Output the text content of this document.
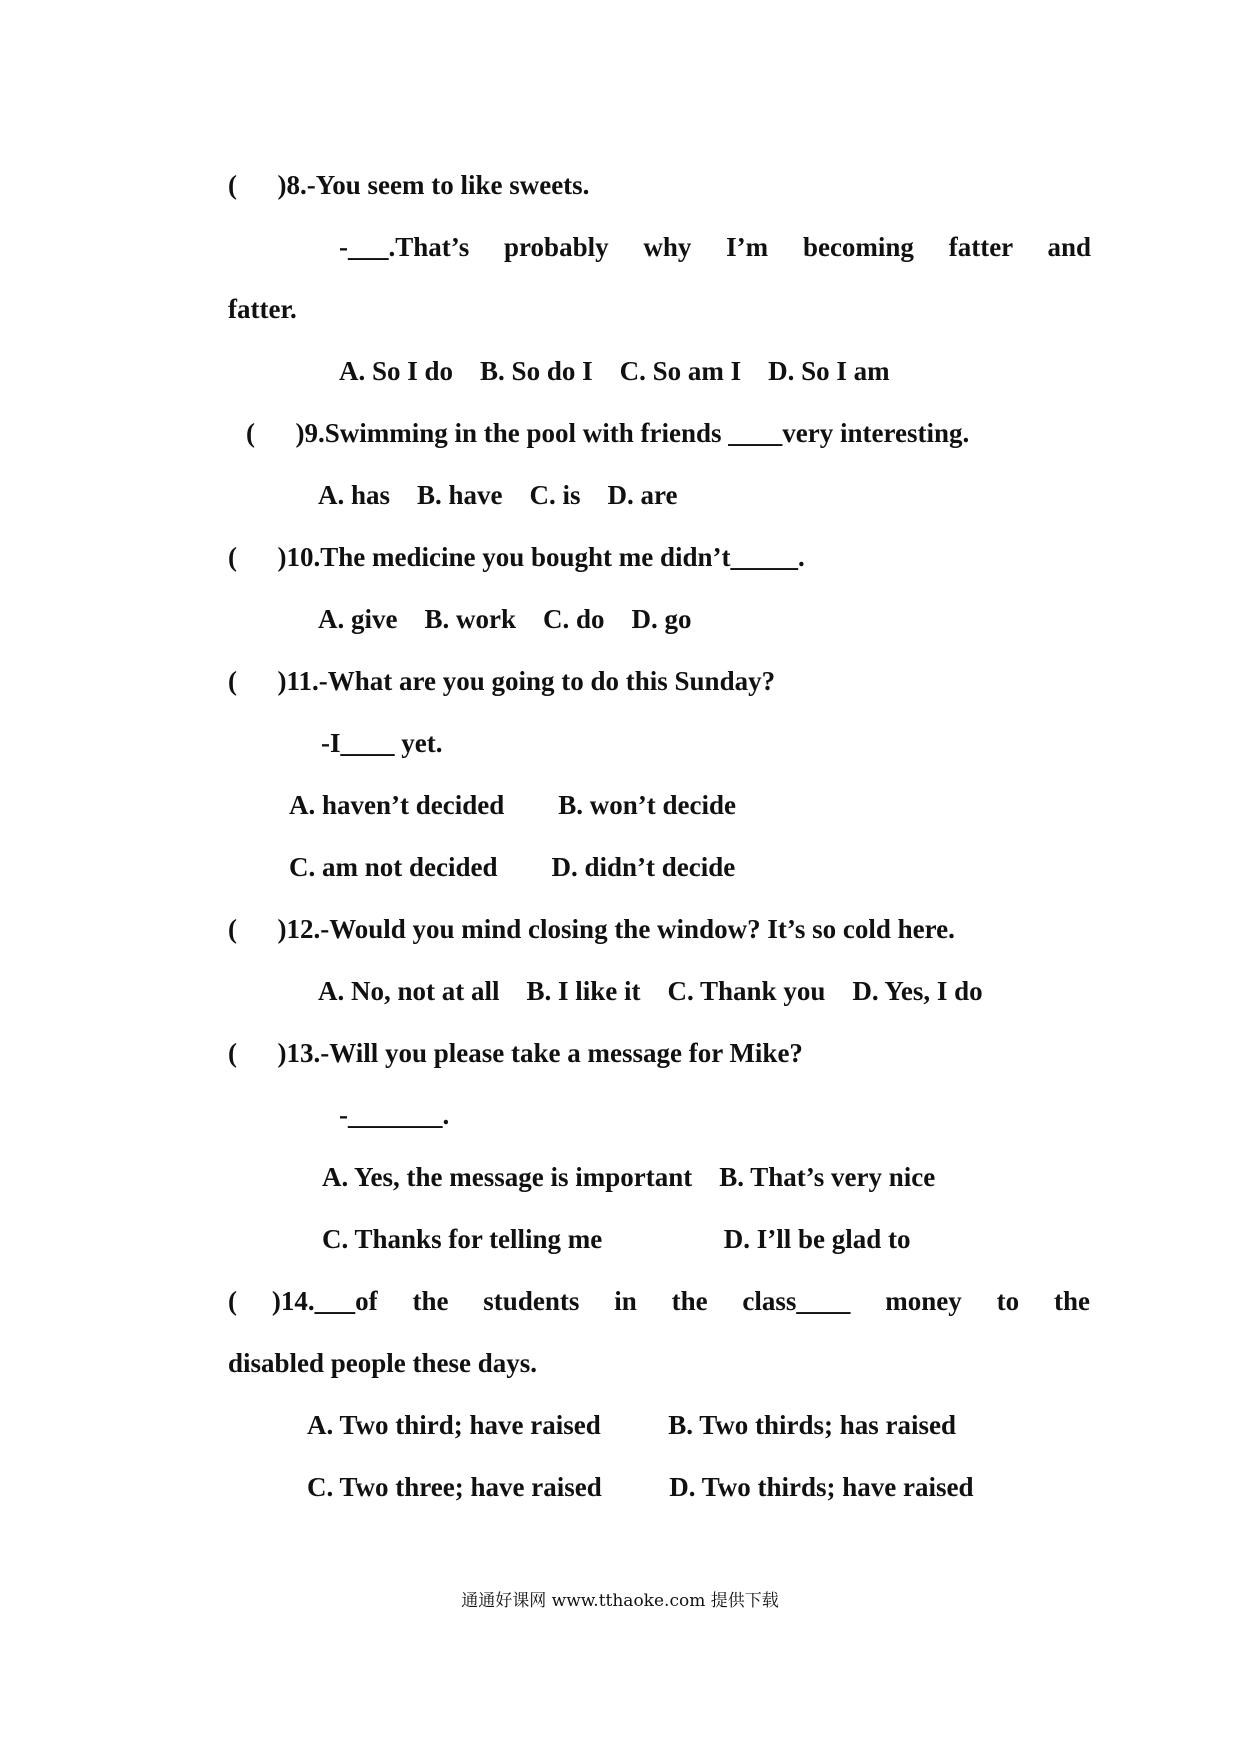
(      )8.-You seem to like sweets.
-___.That’s probably why I’m becoming fatter and
fatter.
A. So I do    B. So do I    C. So am I    D. So I am
(      )9.Swimming in the pool with friends ____very interesting.
A. has    B. have    C. is    D. are
(      )10.The medicine you bought me didn’t_____.
A. give    B. work    C. do    D. go
(      )11.-What are you going to do this Sunday?
-I____ yet.
A. haven’t decided        B. won’t decide
C. am not decided        D. didn’t decide
(      )12.-Would you mind closing the window? It’s so cold here.
A. No, not at all    B. I like it    C. Thank you    D. Yes, I do
(      )13.-Will you please take a message for Mike?
-_______.
A. Yes, the message is important    B. That’s very nice
C. Thanks for telling me                  D. I’ll be glad to
( )14.___of the students in the class____ money to the
disabled people these days.
A. Two third; have raised          B. Two thirds; has raised
C. Two three; have raised          D. Two thirds; have raised
通通好课网 www.tthaoke.com 提供下载
